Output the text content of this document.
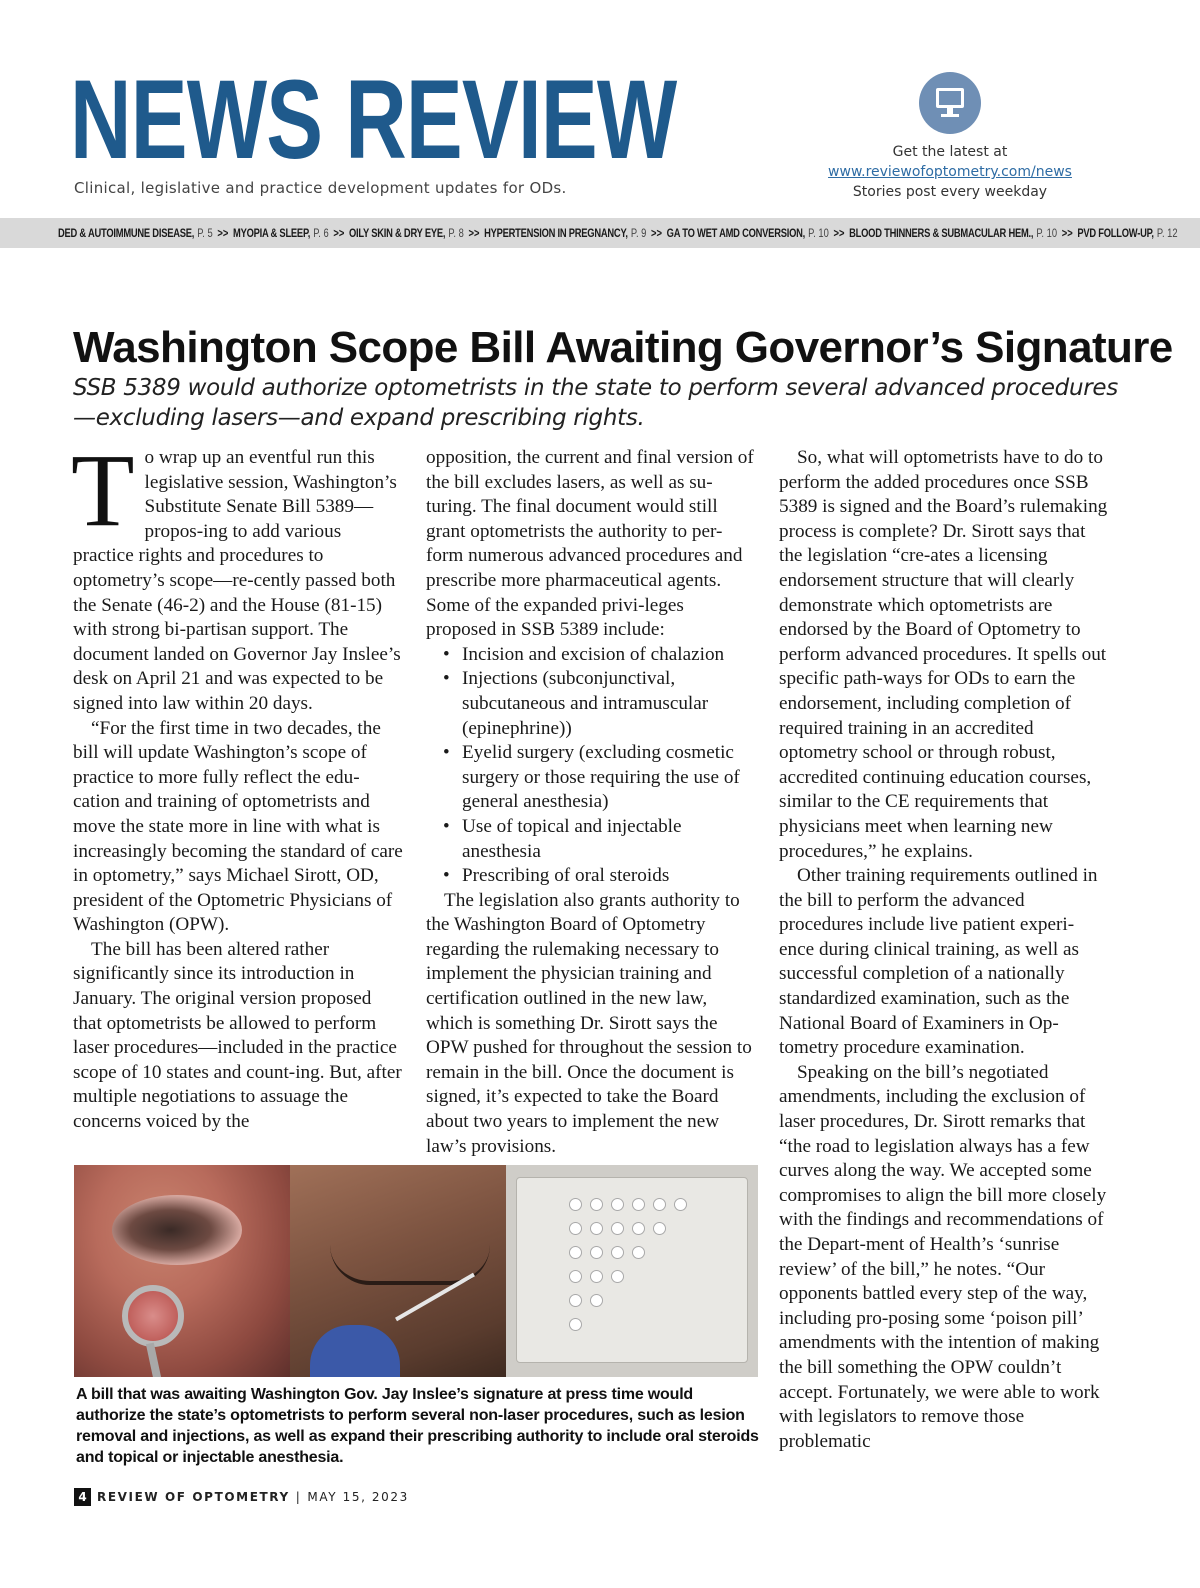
NEWS REVIEW
Clinical, legislative and practice development updates for ODs.
Get the latest at
www.reviewofoptometry.com/news
Stories post every weekday
DED & AUTOIMMUNE DISEASE, P. 5 >> MYOPIA & SLEEP, P. 6 >> OILY SKIN & DRY EYE, P. 8 >> HYPERTENSION IN PREGNANCY, P. 9 >> GA TO WET AMD CONVERSION, P. 10 >> BLOOD THINNERS & SUBMACULAR HEM., P. 10 >> PVD FOLLOW-UP, P. 12
Washington Scope Bill Awaiting Governor’s Signature
SSB 5389 would authorize optometrists in the state to perform several advanced procedures—excluding lasers—and expand prescribing rights.

To wrap up an eventful run this legislative session, Washington’s Substitute Senate Bill 5389—propos-ing to add various practice rights and procedures to optometry’s scope—re-cently passed both the Senate (46-2) and the House (81-15) with strong bi-partisan support. The document landed on Governor Jay Inslee’s desk on April 21 and was expected to be signed into law within 20 days.

“For the first time in two decades, the bill will update Washington’s scope of practice to more fully reflect the edu-cation and training of optometrists and move the state more in line with what is increasingly becoming the standard of care in optometry,” says Michael Sirott, OD, president of the Optometric Physicians of Washington (OPW).

The bill has been altered rather significantly since its introduction in January. The original version proposed that optometrists be allowed to perform laser procedures—included in the practice scope of 10 states and count-ing. But, after multiple negotiations to assuage the concerns voiced by the

opposition, the current and final version of the bill excludes lasers, as well as su-turing. The final document would still grant optometrists the authority to per-form numerous advanced procedures and prescribe more pharmaceutical agents. Some of the expanded privi-leges proposed in SSB 5389 include:

• Incision and excision of chalazion
• Injections (subconjunctival, subcutaneous and intramuscular (epinephrine))
• Eyelid surgery (excluding cosmetic surgery or those requiring the use of general anesthesia)
• Use of topical and injectable anesthesia
• Prescribing of oral steroids

The legislation also grants authority to the Washington Board of Optometry regarding the rulemaking necessary to implement the physician training and certification outlined in the new law, which is something Dr. Sirott says the OPW pushed for throughout the session to remain in the bill. Once the document is signed, it’s expected to take the Board about two years to implement the new law’s provisions.

So, what will optometrists have to do to perform the added procedures once SSB 5389 is signed and the Board’s rulemaking process is complete? Dr. Sirott says that the legislation “cre-ates a licensing endorsement structure that will clearly demonstrate which optometrists are endorsed by the Board of Optometry to perform advanced procedures. It spells out specific path-ways for ODs to earn the endorsement, including completion of required training in an accredited optometry school or through robust, accredited continuing education courses, similar to the CE requirements that physicians meet when learning new procedures,” he explains.

Other training requirements outlined in the bill to perform the advanced procedures include live patient experi-ence during clinical training, as well as successful completion of a nationally standardized examination, such as the National Board of Examiners in Op-tometry procedure examination.

Speaking on the bill’s negotiated amendments, including the exclusion of laser procedures, Dr. Sirott remarks that “the road to legislation always has a few curves along the way. We accepted some compromises to align the bill more closely with the findings and recommendations of the Depart-ment of Health’s ‘sunrise review’ of the bill,” he notes. “Our opponents battled every step of the way, including pro-posing some ‘poison pill’ amendments with the intention of making the bill something the OPW couldn’t accept. Fortunately, we were able to work with legislators to remove those problematic

A bill that was awaiting Washington Gov. Jay Inslee’s signature at press time would authorize the state’s optometrists to perform several non-laser procedures, such as lesion removal and injections, as well as expand their prescribing authority to include oral steroids and topical or injectable anesthesia.
4 REVIEW OF OPTOMETRY | MAY 15, 2023
